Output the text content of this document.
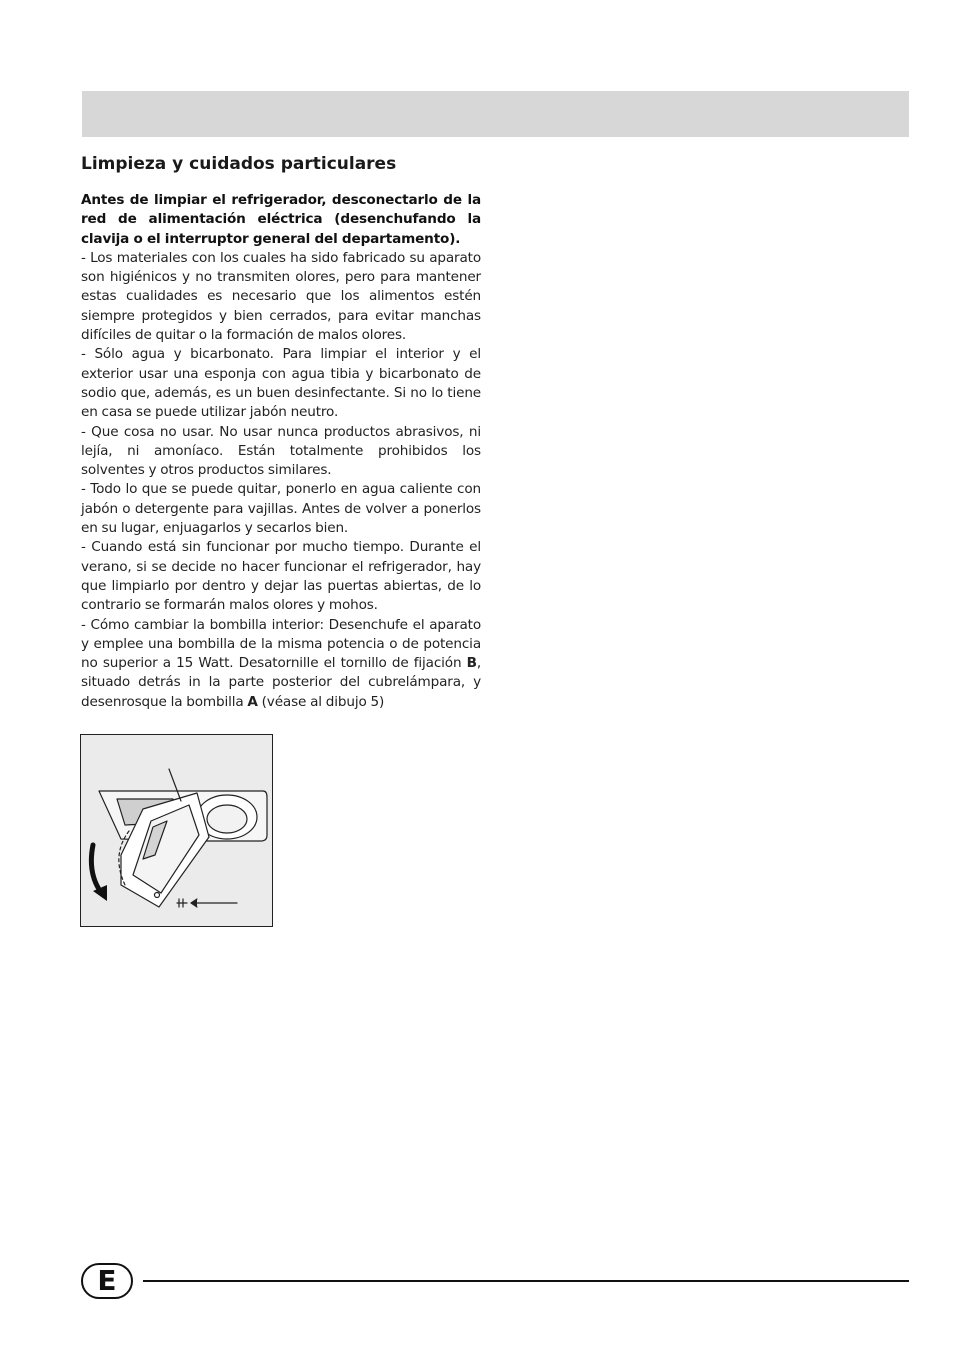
Limpieza y cuidados particulares

Antes de limpiar el refrigerador, desconectarlo de la red de alimentación eléctrica (desenchufando la clavija o el interruptor general del departamento).

- Los materiales con los cuales ha sido fabricado su aparato son higiénicos y no transmiten olores, pero para mantener estas cualidades es necesario que los alimentos estén siempre protegidos y bien cerrados, para evitar manchas difíciles de quitar o la formación de malos olores.

- Sólo agua y bicarbonato. Para limpiar el interior y el exterior usar una esponja con agua tibia y bicarbonato de sodio que, además, es un buen desinfectante. Si no lo tiene en casa se puede utilizar jabón neutro.

- Que cosa no usar. No usar nunca productos abrasivos, ni lejía, ni amoníaco. Están totalmente prohibidos los solventes y otros productos similares.

- Todo lo que se puede quitar, ponerlo en agua caliente con jabón o detergente para vajillas. Antes de volver a ponerlos en su lugar, enjuagarlos y secarlos bien.

- Cuando está sin funcionar por mucho tiempo. Durante el verano, si se decide no hacer funcionar el refrigerador, hay que limpiarlo por dentro y dejar las puertas abiertas, de lo contrario se formarán malos olores y mohos.

- Cómo cambiar la bombilla interior: Desenchufe el aparato y emplee una bombilla de la misma potencia o de potencia no superior a 15 Watt. Desatornille el tornillo de fijación B, situado detrás in la parte posterior del cubrelámpara, y desenrosque la bombilla A (véase al dibujo 5)

E
